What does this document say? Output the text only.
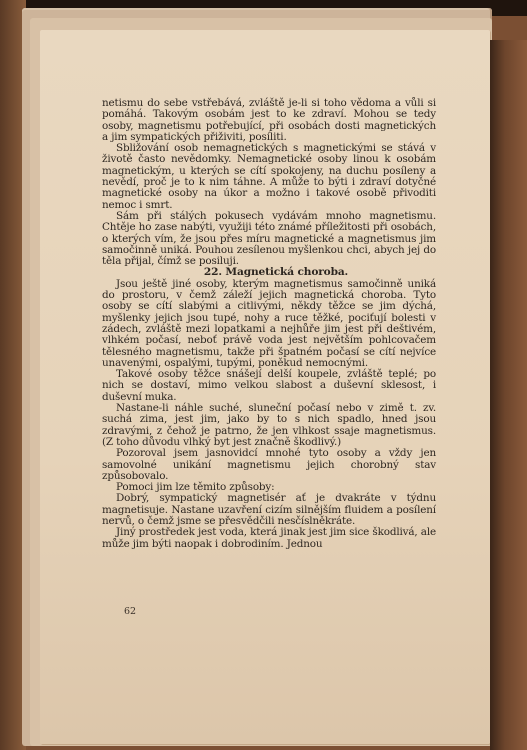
netismu do sebe vstřebává, zvláště je-li si toho vědoma a vůli si pomáhá. Takovým osobám jest to ke zdraví. Mohou se tedy osoby, magnetismu potřebující, při osobách dosti magnetických a jim sympatických přiživiti, posíliti.

Sbližování osob nemagnetických s magnetickými se stává v životě často nevědomky. Nemagnetické osoby linou k osobám magnetickým, u kterých se cítí spokojeny, na duchu posíleny a nevědí, proč je to k nim táhne. A může to býti i zdraví dotyčné magnetické osoby na úkor a možno i takové osobě přivoditi nemoc i smrt.

Sám při stálých pokusech vydávám mnoho magnetismu. Chtěje ho zase nabýti, využiji této známé příležitosti při osobách, o kterých vím, že jsou přes míru magnetické a magnetismus jim samočinně uniká. Pouhou zesílenou myšlenkou chci, abych jej do těla přijal, čímž se posiluji.

22. Magnetická choroba.

Jsou ještě jiné osoby, kterým magnetismus samočinně uniká do prostoru, v čemž záleží jejich magnetická choroba. Tyto osoby se cítí slabými a citlivými, někdy těžce se jim dýchá, myšlenky jejich jsou tupé, nohy a ruce těžké, pociťují bolesti v zádech, zvláště mezi lopatkami a nejhůře jim jest při deštivém, vlhkém počasí, neboť právě voda jest největším pohlcovačem tělesného magnetismu, takže při špatném počasí se cítí nejvíce unavenými, ospalými, tupými, poněkud nemocnými.

Takové osoby těžce snášejí delší koupele, zvláště teplé; po nich se dostaví, mimo velkou slabost a duševní sklesost, i duševní muka.

Nastane-li náhle suché, sluneční počasí nebo v zimě t. zv. suchá zima, jest jim, jako by to s nich spadlo, hned jsou zdravými, z čehož je patrno, že jen vlhkost ssaje magnetismus. (Z toho důvodu vlhký byt jest značně škodlivý.)

Pozoroval jsem jasnovidcí mnohé tyto osoby a vždy jen samovolné unikání magnetismu jejich chorobný stav způsobovalo.

Pomoci jim lze těmito způsoby:

Dobrý, sympatický magnetisér ať je dvakráte v týdnu magnetisuje. Nastane uzavření cizím silnějším fluidem a posílení nervů, o čemž jsme se přesvědčili nesčíslněkráte.

Jiný prostředek jest voda, která jinak jest jim sice škodlivá, ale může jim býti naopak i dobrodiním. Jednou

62
